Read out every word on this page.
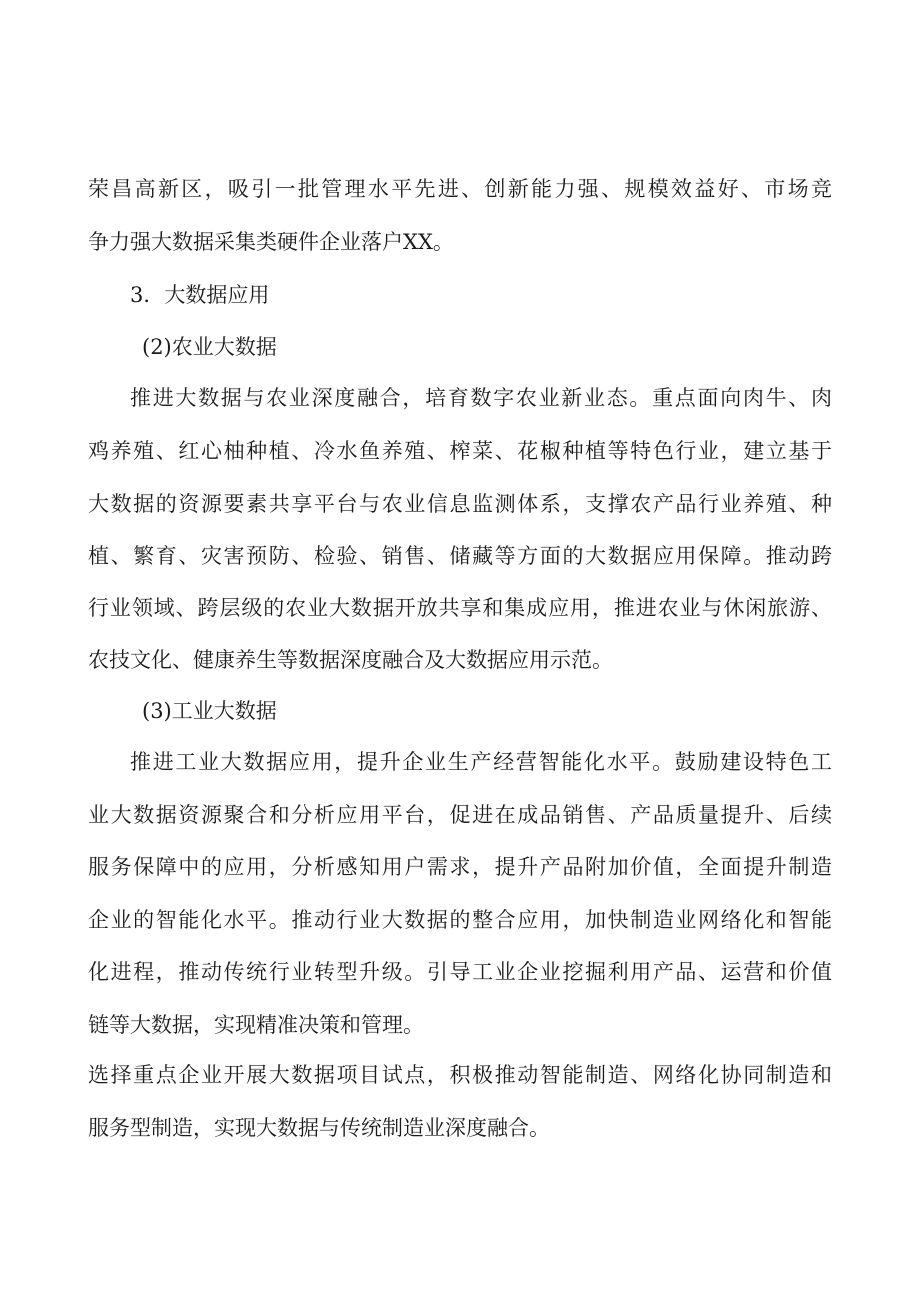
荣昌高新区，吸引一批管理水平先进、创新能力强、规模效益好、市场竞

争力强大数据采集类硬件企业落户XX。

3．大数据应用

(2)农业大数据

推进大数据与农业深度融合，培育数字农业新业态。重点面向肉牛、肉

鸡养殖、红心柚种植、冷水鱼养殖、榨菜、花椒种植等特色行业，建立基于

大数据的资源要素共享平台与农业信息监测体系，支撑农产品行业养殖、种

植、繁育、灾害预防、检验、销售、储藏等方面的大数据应用保障。推动跨

行业领域、跨层级的农业大数据开放共享和集成应用，推进农业与休闲旅游、

农技文化、健康养生等数据深度融合及大数据应用示范。

(3)工业大数据

推进工业大数据应用，提升企业生产经营智能化水平。鼓励建设特色工

业大数据资源聚合和分析应用平台，促进在成品销售、产品质量提升、后续

服务保障中的应用，分析感知用户需求，提升产品附加价值，全面提升制造

企业的智能化水平。推动行业大数据的整合应用，加快制造业网络化和智能

化进程，推动传统行业转型升级。引导工业企业挖掘利用产品、运营和价值

链等大数据，实现精准决策和管理。

选择重点企业开展大数据项目试点，积极推动智能制造、网络化协同制造和

服务型制造，实现大数据与传统制造业深度融合。
